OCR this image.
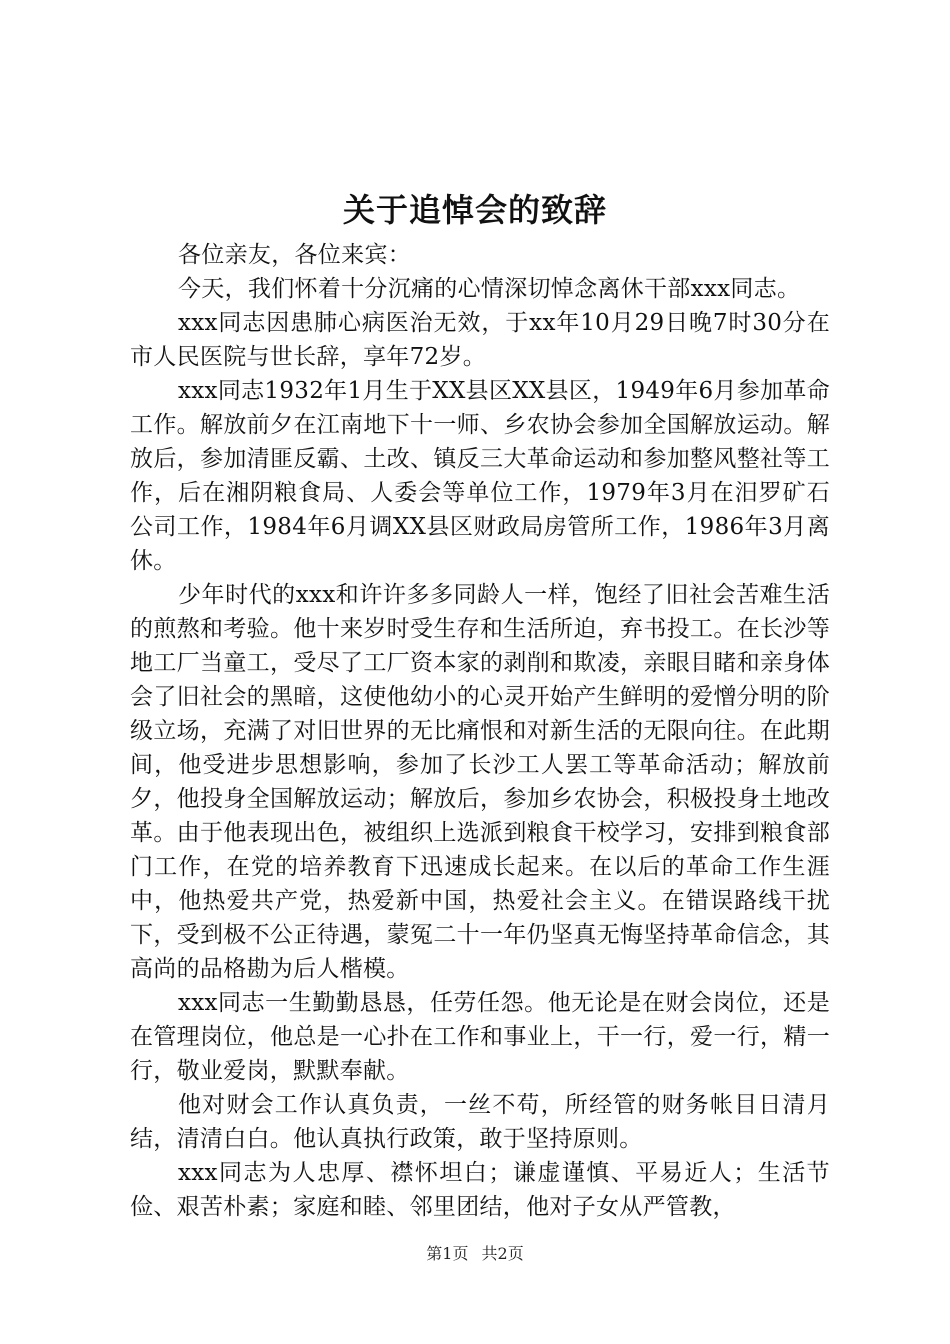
关于追悼会的致辞

各位亲友，各位来宾：

今天，我们怀着十分沉痛的心情深切悼念离休干部xxx同志。

xxx同志因患肺心病医治无效，于xx年10月29日晚7时30分在市人民医院与世长辞，享年72岁。

xxx同志1932年1月生于XX县区XX县区，1949年6月参加革命工作。解放前夕在江南地下十一师、乡农协会参加全国解放运动。解放后，参加清匪反霸、土改、镇反三大革命运动和参加整风整社等工作，后在湘阴粮食局、人委会等单位工作，1979年3月在汨罗矿石公司工作，1984年6月调XX县区财政局房管所工作，1986年3月离休。

少年时代的xxx和许许多多同龄人一样，饱经了旧社会苦难生活的煎熬和考验。他十来岁时受生存和生活所迫，弃书投工。在长沙等地工厂当童工，受尽了工厂资本家的剥削和欺凌，亲眼目睹和亲身体会了旧社会的黑暗，这使他幼小的心灵开始产生鲜明的爱憎分明的阶级立场，充满了对旧世界的无比痛恨和对新生活的无限向往。在此期间，他受进步思想影响，参加了长沙工人罢工等革命活动；解放前夕，他投身全国解放运动；解放后，参加乡农协会，积极投身土地改革。由于他表现出色，被组织上选派到粮食干校学习，安排到粮食部门工作，在党的培养教育下迅速成长起来。在以后的革命工作生涯中，他热爱共产党，热爱新中国，热爱社会主义。在错误路线干扰下，受到极不公正待遇，蒙冤二十一年仍坚真无悔坚持革命信念，其高尚的品格勘为后人楷模。

xxx同志一生勤勤恳恳，任劳任怨。他无论是在财会岗位，还是在管理岗位，他总是一心扑在工作和事业上，干一行，爱一行，精一行，敬业爱岗，默默奉献。

他对财会工作认真负责，一丝不苟，所经管的财务帐目日清月结，清清白白。他认真执行政策，敢于坚持原则。

xxx同志为人忠厚、襟怀坦白；谦虚谨慎、平易近人；生活节俭、艰苦朴素；家庭和睦、邻里团结，他对子女从严管教，

第1页 共2页
